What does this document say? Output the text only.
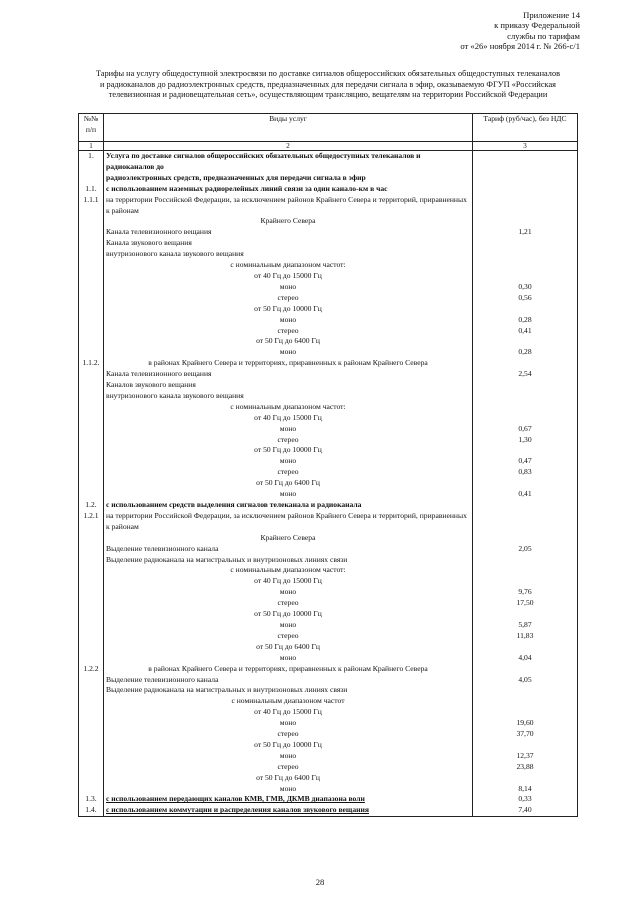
Приложение 14
к приказу Федеральной
службы по тарифам
от «26» ноября 2014 г. № 266-с/1
Тарифы на услугу общедоступной электросвязи по доставке сигналов общероссийских обязательных общедоступных телеканалов
и радиоканалов до радиоэлектронных средств, предназначенных для передачи сигнала в эфир, оказываемую ФГУП «Российская
телевизионная и радиовещательная сеть», осуществляющим трансляцию, вещателям на территории Российской Федерации
№№ п/п	Виды услуг	Тариф (руб/час), без НДС
1	2	3
1.	Услуга по доставке сигналов общероссийских обязательных общедоступных телеканалов и радиоканалов до	
	радиоэлектронных средств, предназначенных для передачи сигнала в эфир	
1.1.	с использованием наземных радиорелейных линий связи за один канало-км в час	
1.1.1	на территории Российской Федерации, за исключением районов Крайнего Севера и территорий, приравненных к районам	
	Крайнего Севера	
	Канала телевизионного вещания	1,21
	Канала звукового вещания	
	внутризонового канала звукового вещания	
	с номинальным диапазоном частот:	
	от 40 Гц до 15000 Гц	
	моно	0,30
	стерео	0,56
	от 50 Гц до 10000 Гц	
	моно	0,28
	стерео	0,41
	от 50 Гц до 6400 Гц	
	моно	0,28
1.1.2.	в районах Крайнего Севера и территориях, приравненных к районам Крайнего Севера	
	Канала телевизионного вещания	2,54
	Каналов звукового вещания	
	внутризонового канала звукового вещания	
	с номинальным диапазоном частот:	
	от 40 Гц до 15000 Гц	
	моно	0,67
	стерео	1,30
	от 50 Гц до 10000 Гц	
	моно	0,47
	стерео	0,83
	от 50 Гц до 6400 Гц	
	моно	0,41
1.2.	с использованием средств выделения сигналов телеканала и радиоканала	
1.2.1	на территории Российской Федерации, за исключением районов Крайнего Севера и территорий, приравненных к районам	
	Крайнего Севера	
	Выделение телевизионного канала	2,05
	Выделение радиоканала на магистральных и внутризоновых линиях связи	
	с номинальным диапазоном частот:	
	от 40 Гц до 15000 Гц	
	моно	9,76
	стерео	17,50
	от 50 Гц до 10000 Гц	
	моно	5,87
	стерео	11,83
	от 50 Гц до 6400 Гц	
	моно	4,04
1.2.2	в районах Крайнего Севера и территориях, приравненных к районам Крайнего Севера	
	Выделение телевизионного канала	4,05
	Выделение радиоканала на магистральных и внутризоновых линиях связи	
	с номинальным диапазоном частот	
	от 40 Гц до 15000 Гц	
	моно	19,60
	стерео	37,70
	от 50 Гц до 10000 Гц	
	моно	12,37
	стерео	23,88
	от 50 Гц до 6400 Гц	
	моно	8,14
1.3.	с использованием передающих каналов КМВ, ГМВ, ДКМВ диапазона волн	0,33
1.4.	с использованием коммутации и распределения каналов звукового вещания	7,40
28
